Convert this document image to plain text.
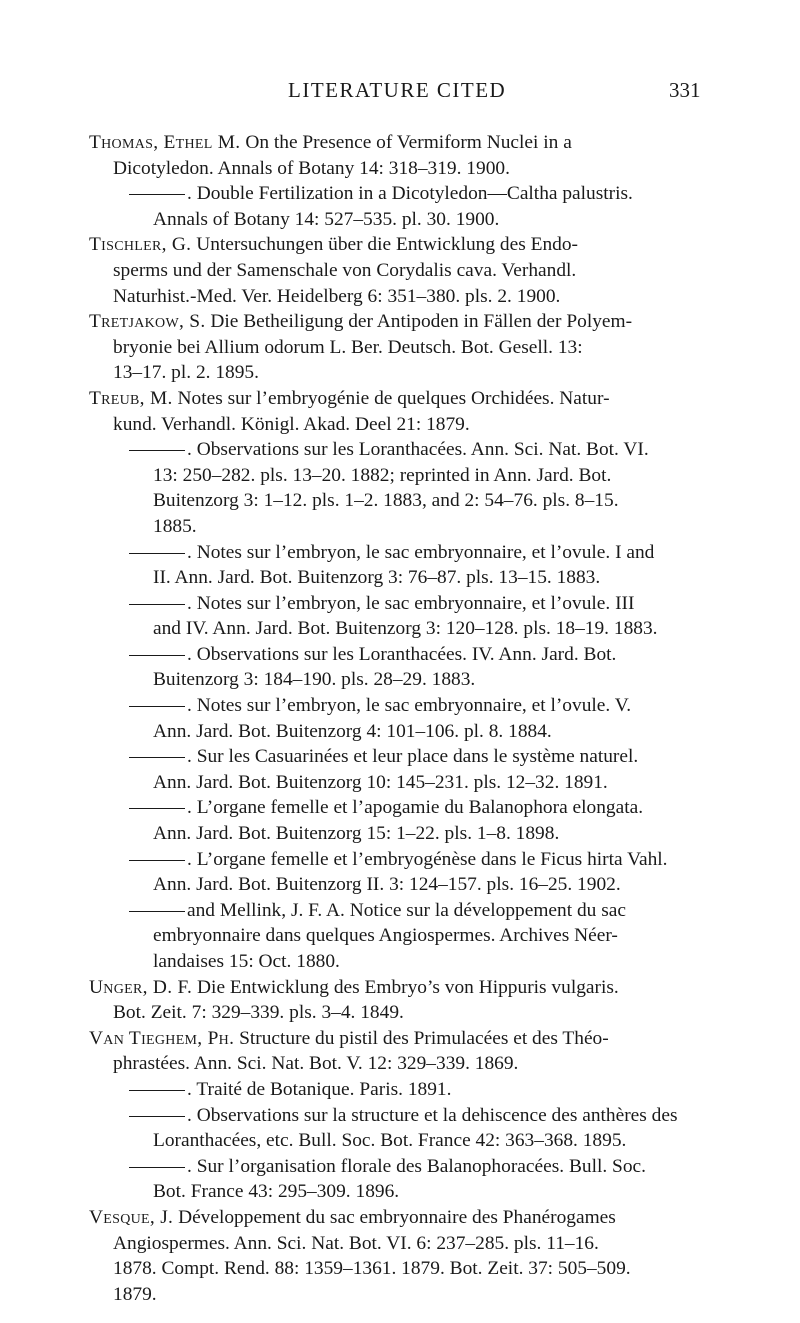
LITERATURE CITED	331

Thomas, Ethel M. On the Presence of Vermiform Nuclei in a
Dicotyledon. Annals of Botany 14: 318–319. 1900.

. Double Fertilization in a Dicotyledon—Caltha palustris.
Annals of Botany 14: 527–535. pl. 30. 1900.

Tischler, G. Untersuchungen über die Entwicklung des Endo-
sperms und der Samenschale von Corydalis cava. Verhandl.
Naturhist.-Med. Ver. Heidelberg 6: 351–380. pls. 2. 1900.

Tretjakow, S. Die Betheiligung der Antipoden in Fällen der Polyem-
bryonie bei Allium odorum L. Ber. Deutsch. Bot. Gesell. 13:
13–17. pl. 2. 1895.

Treub, M. Notes sur l’embryogénie de quelques Orchidées. Natur-
kund. Verhandl. Königl. Akad. Deel 21: 1879.

. Observations sur les Loranthacées. Ann. Sci. Nat. Bot. VI.
13: 250–282. pls. 13–20. 1882; reprinted in Ann. Jard. Bot.
Buitenzorg 3: 1–12. pls. 1–2. 1883, and 2: 54–76. pls. 8–15.
1885.

. Notes sur l’embryon, le sac embryonnaire, et l’ovule. I and
II. Ann. Jard. Bot. Buitenzorg 3: 76–87. pls. 13–15. 1883.

. Notes sur l’embryon, le sac embryonnaire, et l’ovule. III
and IV. Ann. Jard. Bot. Buitenzorg 3: 120–128. pls. 18–19. 1883.

. Observations sur les Loranthacées. IV. Ann. Jard. Bot.
Buitenzorg 3: 184–190. pls. 28–29. 1883.

. Notes sur l’embryon, le sac embryonnaire, et l’ovule. V.
Ann. Jard. Bot. Buitenzorg 4: 101–106. pl. 8. 1884.

. Sur les Casuarinées et leur place dans le système naturel.
Ann. Jard. Bot. Buitenzorg 10: 145–231. pls. 12–32. 1891.

. L’organe femelle et l’apogamie du Balanophora elongata.
Ann. Jard. Bot. Buitenzorg 15: 1–22. pls. 1–8. 1898.

. L’organe femelle et l’embryogénèse dans le Ficus hirta Vahl.
Ann. Jard. Bot. Buitenzorg II. 3: 124–157. pls. 16–25. 1902.

and Mellink, J. F. A. Notice sur la développement du sac
embryonnaire dans quelques Angiospermes. Archives Néer-
landaises 15: Oct. 1880.

Unger, D. F. Die Entwicklung des Embryo’s von Hippuris vulgaris.
Bot. Zeit. 7: 329–339. pls. 3–4. 1849.

Van Tieghem, Ph. Structure du pistil des Primulacées et des Théo-
phrastées. Ann. Sci. Nat. Bot. V. 12: 329–339. 1869.

. Traité de Botanique. Paris. 1891.

. Observations sur la structure et la dehiscence des anthères des
Loranthacées, etc. Bull. Soc. Bot. France 42: 363–368. 1895.

. Sur l’organisation florale des Balanophoracées. Bull. Soc.
Bot. France 43: 295–309. 1896.

Vesque, J. Développement du sac embryonnaire des Phanérogames
Angiospermes. Ann. Sci. Nat. Bot. VI. 6: 237–285. pls. 11–16.
1878. Compt. Rend. 88: 1359–1361. 1879. Bot. Zeit. 37: 505–509.
1879.
